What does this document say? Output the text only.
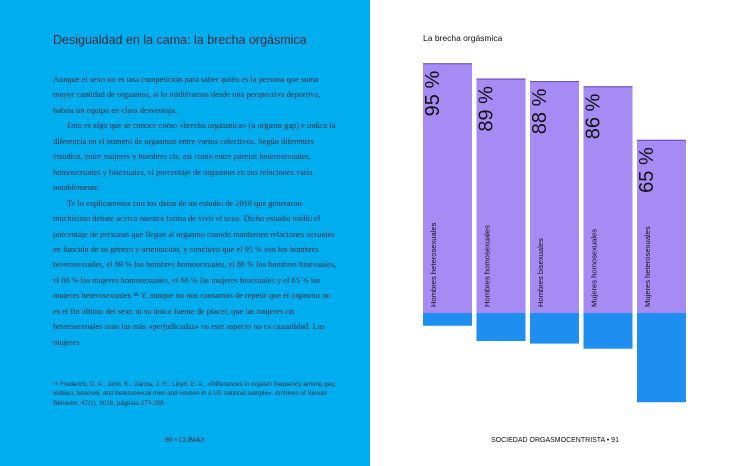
Desigualdad en la cama: la brecha orgásmica

Aunque el sexo no es una competición para saber quién es la persona que suma mayor cantidad de orgasmos, si lo midiéramos desde una perspectiva deportiva, habría un equipo en clara desventaja.

Esto es algo que se conoce como «brecha orgásmica» (u orgasm gap) e indica la diferencia en el número de orgasmos entre varios colectivos. Según diferentes estudios, entre mujeres y hombres cis, así como entre parejas heterosexuales, homosexuales y bisexuales, el porcentaje de orgasmos en sus relaciones varía notablemente.

Te lo explicaremos con los datos de un estudio de 2018 que generaron muchísimo debate acerca nuestra forma de vivir el sexo. Dicho estudio midió el porcentaje de personas que llegan al orgasmo cuando mantienen relaciones sexuales en función de su género y orientación, y concluyó que el 95 % son los hombres heterosexuales, el 89 % los hombres homosexuales, el 88 % los hombres bisexuales, el 86 % las mujeres homosexuales, el 66 % las mujeres bisexuales y el 65 % las mujeres heterosexuales.⁴⁸ Y, aunque no nos cansamos de repetir que el orgasmo no es el fin último del sexo ni su única fuente de placer, que las mujeres cis heterosexuales sean las más «perjudicadas» en este aspecto no es casualidad. Las mujeres

⁴⁸ Frederick, D. A., John, K., Garcia, J. R., Lloyd, E. A., «Differences in orgasm frequency among gay, lesbian, bisexual, and heterosexual men and women in a US national sample», Archives of Sexual Behavior, 47(1), 2018, páginas 273-288.
90 • CLÍMAX
La brecha orgásmica
95 %
Hombres heterosexuales
89 %
Hombres homosexuales
88 %
Hombres bisexuales
86 %
Mujeres homosexuales
65 %
Mujeres heterosexuales
SOCIEDAD ORGASMOCENTRISTA • 91
